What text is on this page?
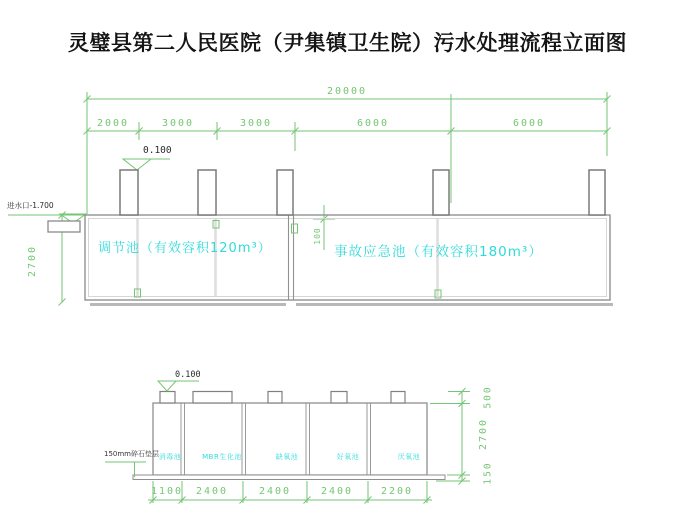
灵璧县第二人民医院（尹集镇卫生院）污水处理流程立面图
20000
2000	3000	3000	6000	6000
0.100
进水口-1.700
2700
100
调节池（有效容积120m³）	事故应急池（有效容积180m³）
0.100
150mm碎石垫层 消毒池	MBR生化池	缺氧池	好氧池	厌氧池
1100 2400	2400	2400	2200
500
2700
150
